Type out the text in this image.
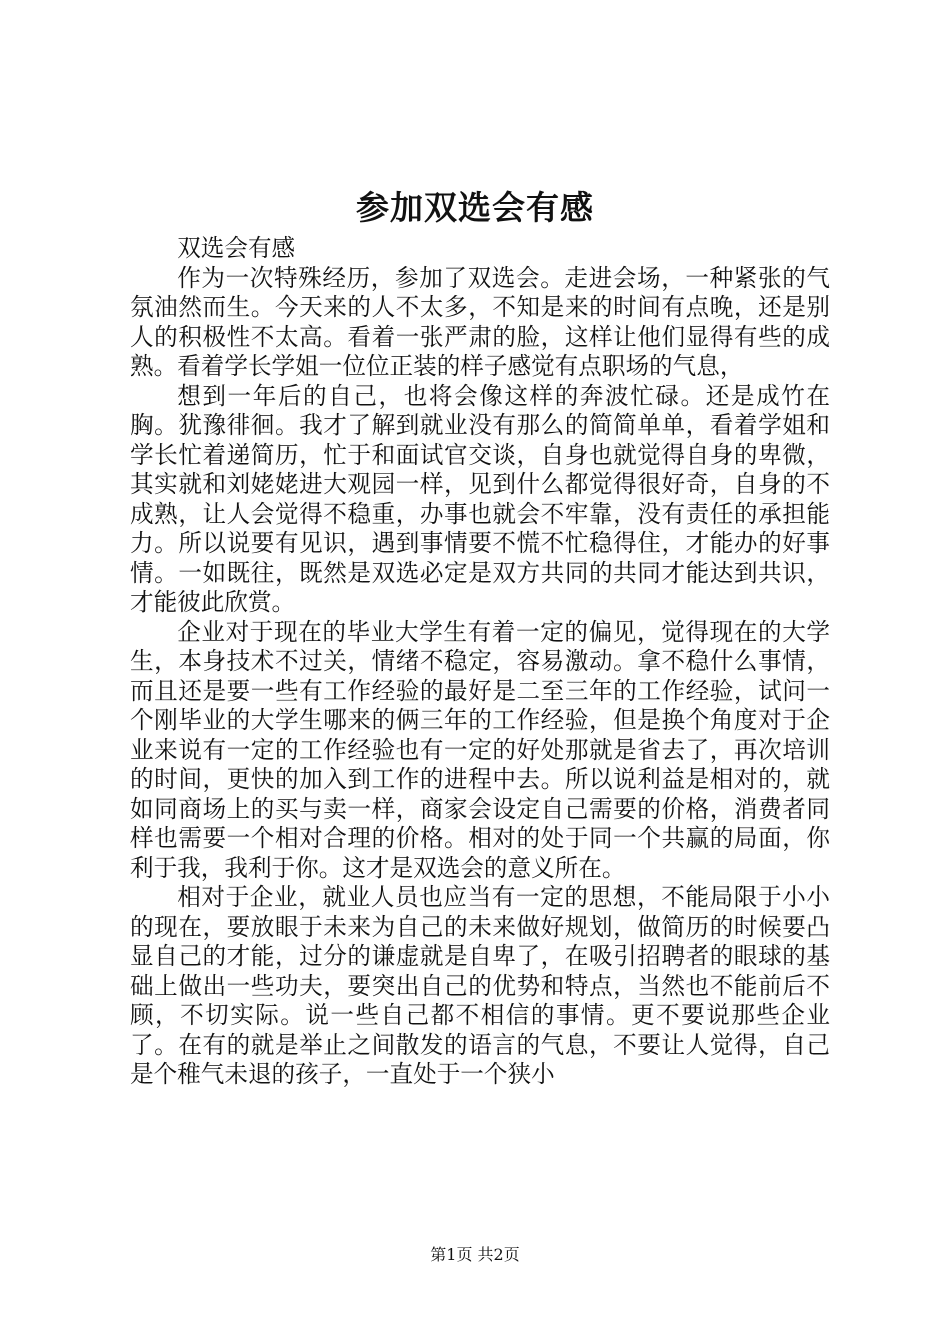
参加双选会有感

双选会有感

作为一次特殊经历，参加了双选会。走进会场，一种紧张的气氛油然而生。今天来的人不太多，不知是来的时间有点晚，还是别人的积极性不太高。看着一张严肃的脸，这样让他们显得有些的成熟。看着学长学姐一位位正装的样子感觉有点职场的气息，

想到一年后的自己，也将会像这样的奔波忙碌。还是成竹在胸。犹豫徘徊。我才了解到就业没有那么的简简单单，看着学姐和学长忙着递简历，忙于和面试官交谈，自身也就觉得自身的卑微，其实就和刘姥姥进大观园一样，见到什么都觉得很好奇，自身的不成熟，让人会觉得不稳重，办事也就会不牢靠，没有责任的承担能力。所以说要有见识，遇到事情要不慌不忙稳得住，才能办的好事情。一如既往，既然是双选必定是双方共同的共同才能达到共识，才能彼此欣赏。

企业对于现在的毕业大学生有着一定的偏见，觉得现在的大学生，本身技术不过关，情绪不稳定，容易激动。拿不稳什么事情，而且还是要一些有工作经验的最好是二至三年的工作经验，试问一个刚毕业的大学生哪来的俩三年的工作经验，但是换个角度对于企业来说有一定的工作经验也有一定的好处那就是省去了，再次培训的时间，更快的加入到工作的进程中去。所以说利益是相对的，就如同商场上的买与卖一样，商家会设定自己需要的价格，消费者同样也需要一个相对合理的价格。相对的处于同一个共赢的局面，你利于我，我利于你。这才是双选会的意义所在。

相对于企业，就业人员也应当有一定的思想，不能局限于小小的现在，要放眼于未来为自己的未来做好规划，做简历的时候要凸显自己的才能，过分的谦虚就是自卑了，在吸引招聘者的眼球的基础上做出一些功夫，要突出自己的优势和特点，当然也不能前后不顾，不切实际。说一些自己都不相信的事情。更不要说那些企业了。在有的就是举止之间散发的语言的气息，不要让人觉得，自己是个稚气未退的孩子，一直处于一个狭小

第1页 共2页
